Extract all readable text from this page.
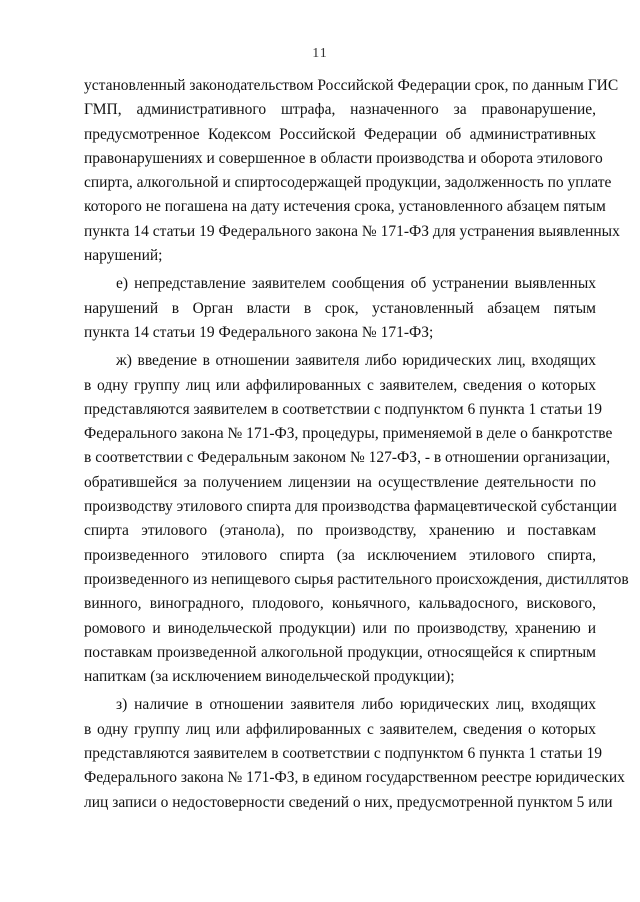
11
установленный законодательством Российской Федерации срок, по данным ГИС
ГМП, административного штрафа, назначенного за правонарушение,
предусмотренное Кодексом Российской Федерации об административных
правонарушениях и совершенное в области производства и оборота этилового
спирта, алкогольной и спиртосодержащей продукции, задолженность по уплате
которого не погашена на дату истечения срока, установленного абзацем пятым
пункта 14 статьи 19 Федерального закона № 171-ФЗ для устранения выявленных
нарушений;
е) непредставление заявителем сообщения об устранении выявленных
нарушений в Орган власти в срок, установленный абзацем пятым
пункта 14 статьи 19 Федерального закона № 171-ФЗ;
ж) введение в отношении заявителя либо юридических лиц, входящих
в одну группу лиц или аффилированных с заявителем, сведения о которых
представляются заявителем в соответствии с подпунктом 6 пункта 1 статьи 19
Федерального закона № 171-ФЗ, процедуры, применяемой в деле о банкротстве
в соответствии с Федеральным законом № 127-ФЗ, - в отношении организации,
обратившейся за получением лицензии на осуществление деятельности по
производству этилового спирта для производства фармацевтической субстанции
спирта этилового (этанола), по производству, хранению и поставкам
произведенного этилового спирта (за исключением этилового спирта,
произведенного из непищевого сырья растительного происхождения, дистиллятов
винного, виноградного, плодового, коньячного, кальвадосного, вискового,
ромового и винодельческой продукции) или по производству, хранению и
поставкам произведенной алкогольной продукции, относящейся к спиртным
напиткам (за исключением винодельческой продукции);
з) наличие в отношении заявителя либо юридических лиц, входящих
в одну группу лиц или аффилированных с заявителем, сведения о которых
представляются заявителем в соответствии с подпунктом 6 пункта 1 статьи 19
Федерального закона № 171-ФЗ, в едином государственном реестре юридических
лиц записи о недостоверности сведений о них, предусмотренной пунктом 5 или
